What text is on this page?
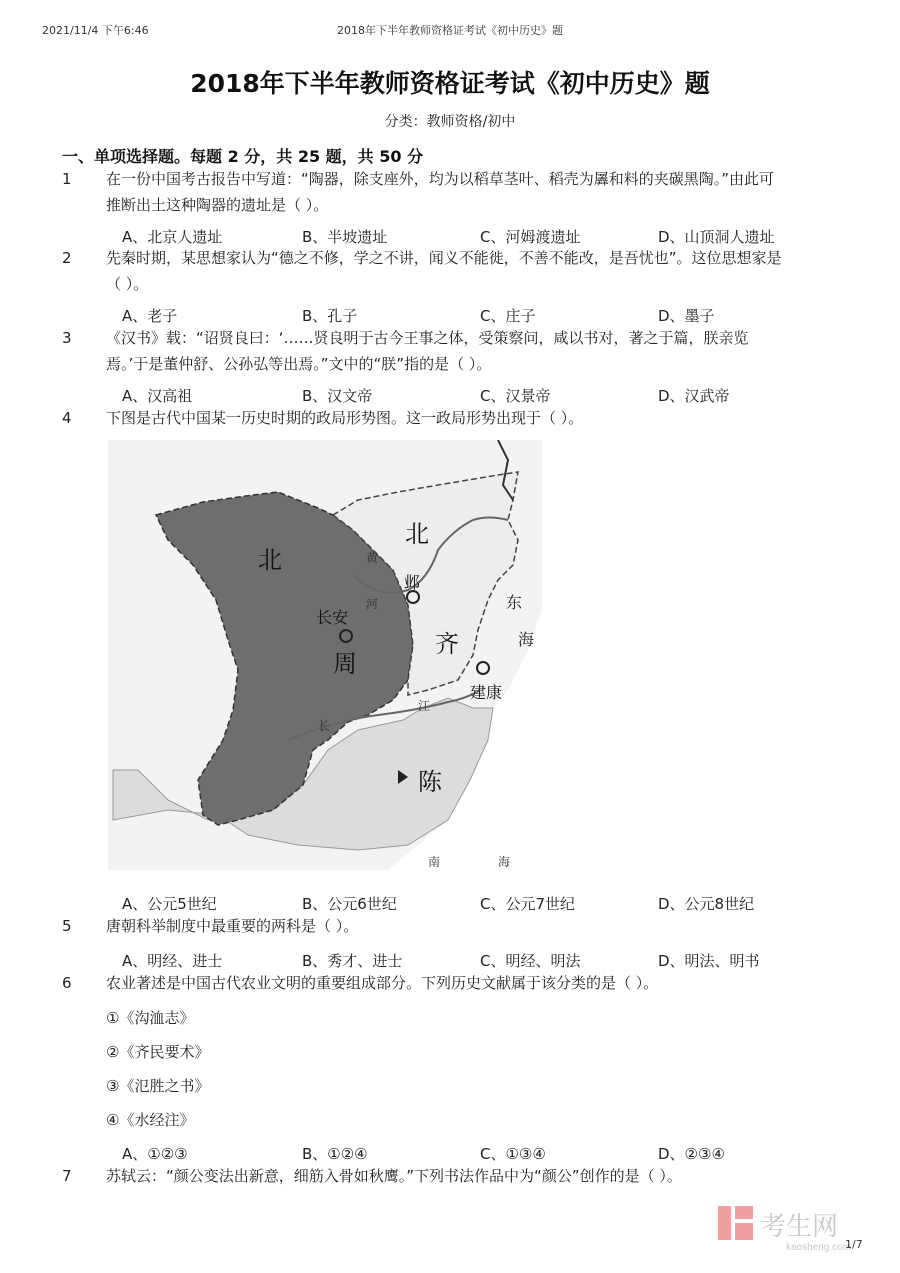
2021/11/4 下午6:46	2018年下半年教师资格证考试《初中历史》题
2018年下半年教师资格证考试《初中历史》题
分类：教师资格/初中
一、单项选择题。每题 2 分，共 25 题，共 50 分
1 在一份中国考古报告中写道：“陶器，除支座外，均为以稻草茎叶、稻壳为羼和料的夹碳黑陶。”由此可
推断出土这种陶器的遗址是（ ）。
A、北京人遗址	B、半坡遗址	C、河姆渡遗址	D、山顶洞人遗址
2 先秦时期，某思想家认为“德之不修，学之不讲，闻义不能徙，不善不能改，是吾忧也”。这位思想家是
（ ）。
A、老子	B、孔子	C、庄子	D、墨子
3 《汉书》载：“诏贤良曰：‘……贤良明于古今王事之体，受策察问，咸以书对，著之于篇，朕亲览
焉。’于是董仲舒、公孙弘等出焉。”文中的“朕”指的是（ ）。
A、汉高祖	B、汉文帝	C、汉景帝	D、汉武帝
4 下图是古代中国某一历史时期的政局形势图。这一政局形势出现于（ ）。
北
周
北
齐
陈
长安
邺
建康
黄
河
长
江
东
海
南	海
A、公元5世纪	B、公元6世纪	C、公元7世纪	D、公元8世纪
5 唐朝科举制度中最重要的两科是（ ）。
A、明经、进士	B、秀才、进士	C、明经、明法	D、明法、明书
6 农业著述是中国古代农业文明的重要组成部分。下列历史文献属于该分类的是（ ）。
①《沟洫志》
②《齐民要术》
③《氾胜之书》
④《水经注》
A、①②③	B、①②④	C、①③④	D、②③④
7 苏轼云：“颜公变法出新意，细筋入骨如秋鹰。”下列书法作品中为“颜公”创作的是（ ）。
考生网
kaosheng.com
1/7
